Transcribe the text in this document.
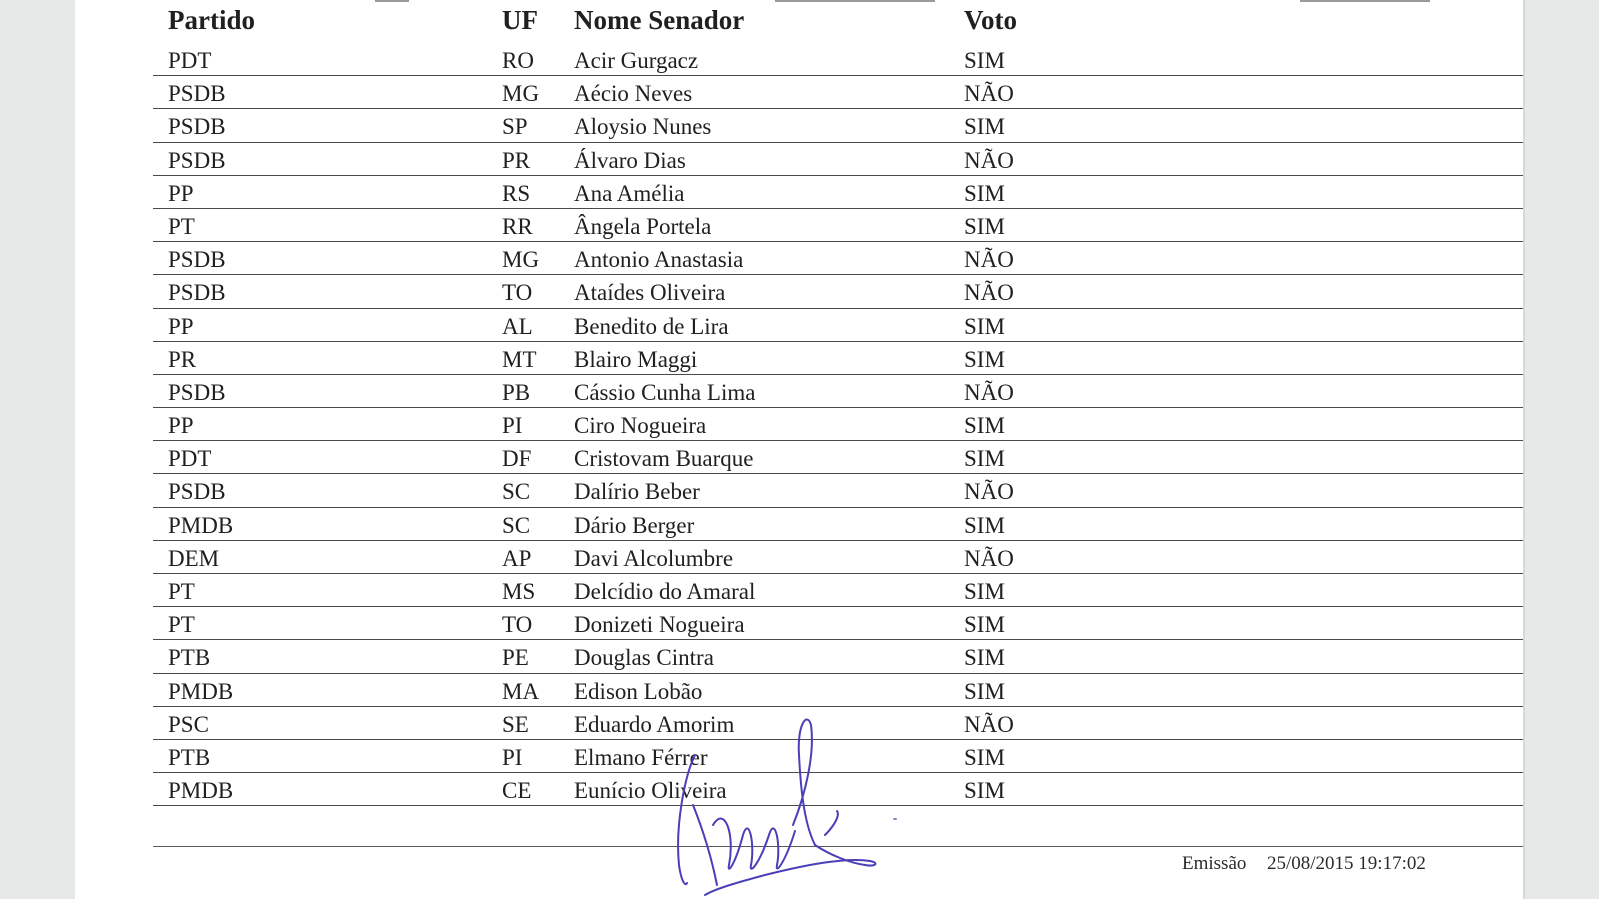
Partido	UF Nome Senador	Voto
PDT	RO Acir Gurgacz	SIM
PSDB	MG Aécio Neves	NÃO
PSDB	SP Aloysio Nunes	SIM
PSDB	PR Álvaro Dias	NÃO
PP	RS Ana Amélia	SIM
PT	RR Ângela Portela	SIM
PSDB	MG Antonio Anastasia	NÃO
PSDB	TO Ataídes Oliveira	NÃO
PP	AL Benedito de Lira	SIM
PR	MT Blairo Maggi	SIM
PSDB	PB Cássio Cunha Lima	NÃO
PP	PI Ciro Nogueira	SIM
PDT	DF Cristovam Buarque	SIM
PSDB	SC Dalírio Beber	NÃO
PMDB	SC Dário Berger	SIM
DEM	AP Davi Alcolumbre	NÃO
PT	MS Delcídio do Amaral	SIM
PT	TO Donizeti Nogueira	SIM
PTB	PE Douglas Cintra	SIM
PMDB	MA Edison Lobão	SIM
PSC	SE Eduardo Amorim	NÃO
PTB	PI Elmano Férrer	SIM
PMDB	CE Eunício Oliveira	SIM
Emissão 25/08/2015 19:17:02
